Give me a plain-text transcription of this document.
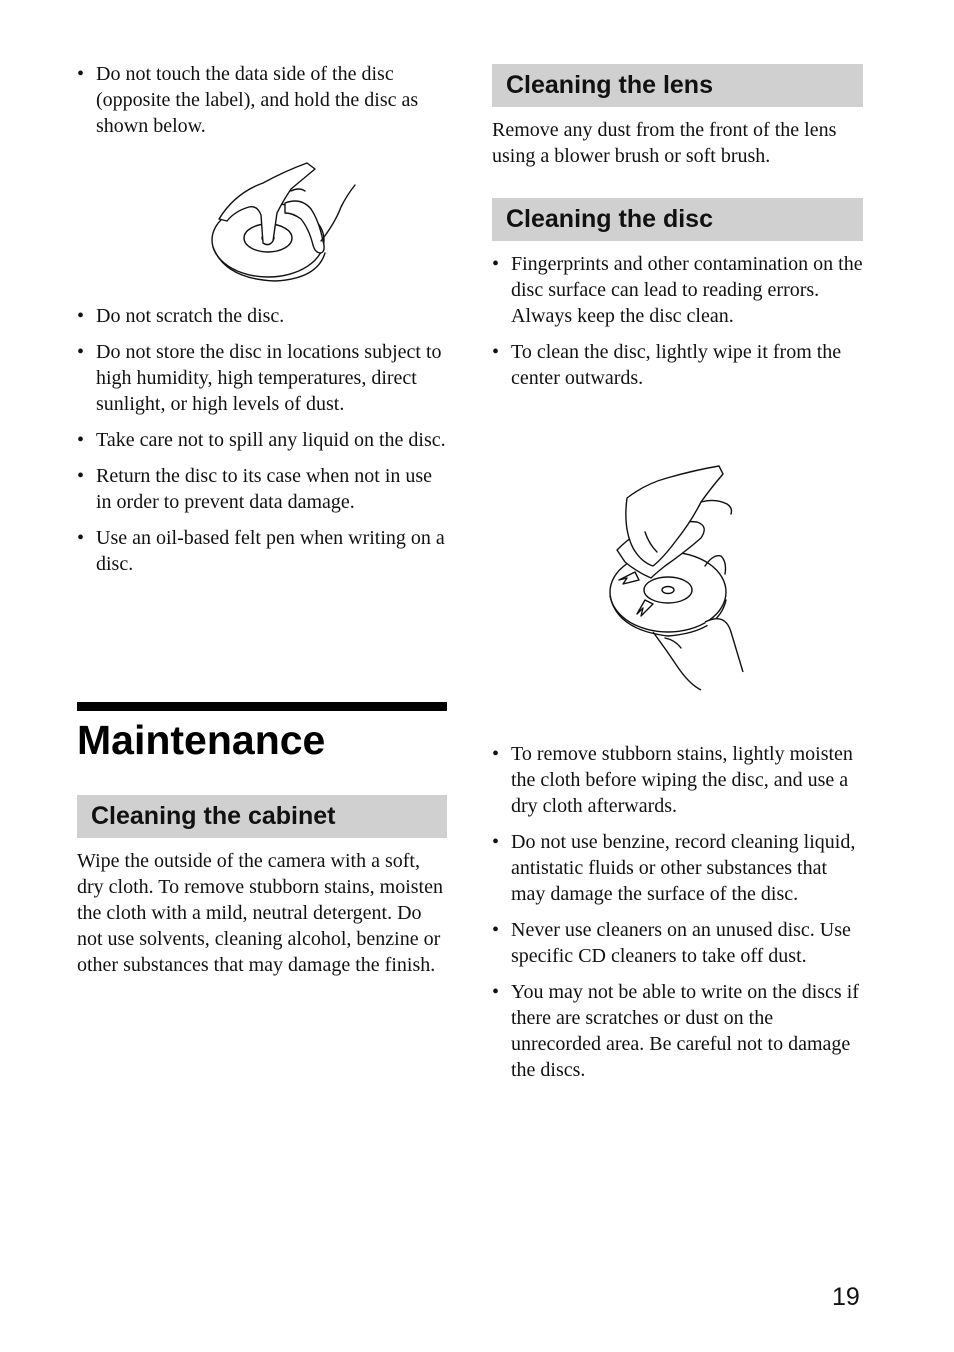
• Do not touch the data side of the disc (opposite the label), and hold the disc as shown below.
• Do not scratch the disc.
• Do not store the disc in locations subject to high humidity, high temperatures, direct sunlight, or high levels of dust.
• Take care not to spill any liquid on the disc.
• Return the disc to its case when not in use in order to prevent data damage.
• Use an oil-based felt pen when writing on a disc.
Maintenance
Cleaning the cabinet

Wipe the outside of the camera with a soft, dry cloth. To remove stubborn stains, moisten the cloth with a mild, neutral detergent. Do not use solvents, cleaning alcohol, benzine or other substances that may damage the finish.

Cleaning the lens

Remove any dust from the front of the lens using a blower brush or soft brush.

Cleaning the disc
• Fingerprints and other contamination on the disc surface can lead to reading errors. Always keep the disc clean.
• To clean the disc, lightly wipe it from the center outwards.
• To remove stubborn stains, lightly moisten the cloth before wiping the disc, and use a dry cloth afterwards.
• Do not use benzine, record cleaning liquid, antistatic fluids or other substances that may damage the surface of the disc.
• Never use cleaners on an unused disc. Use specific CD cleaners to take off dust.
• You may not be able to write on the discs if there are scratches or dust on the unrecorded area. Be careful not to damage the discs.
19
